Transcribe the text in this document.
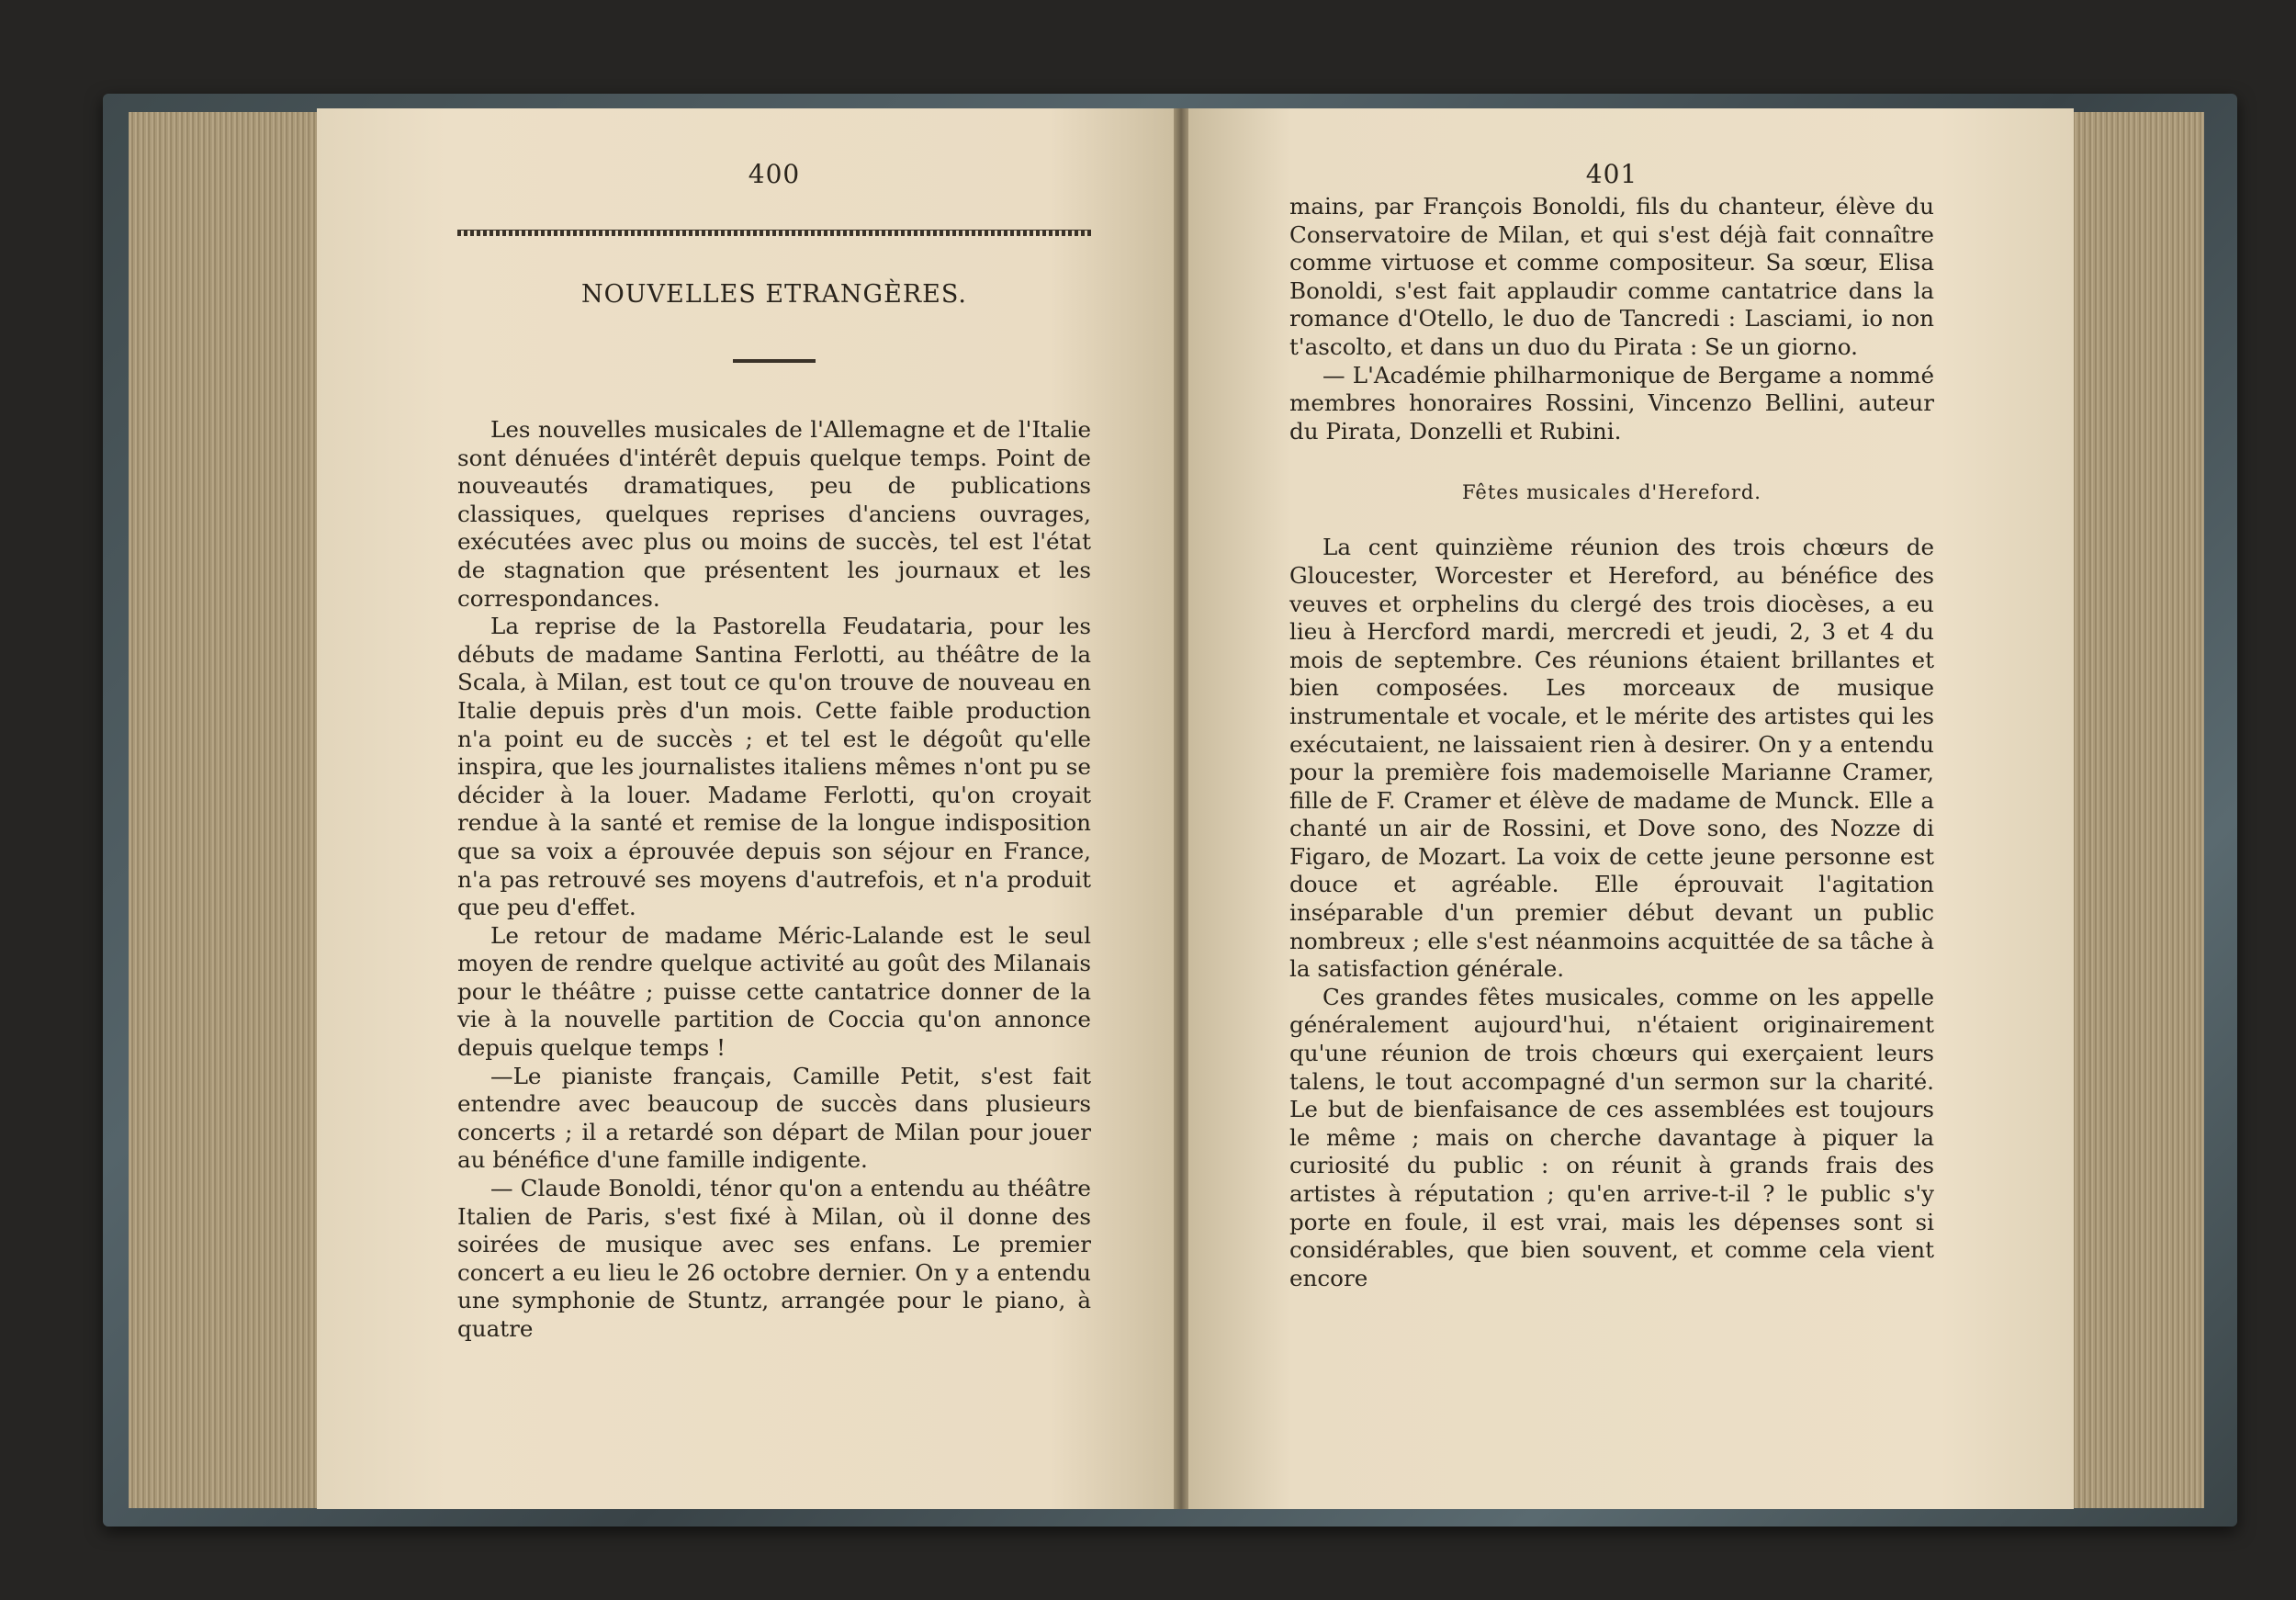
400

NOUVELLES ETRANGÈRES.

Les nouvelles musicales de l'Allemagne et de l'Italie sont dénuées d'intérêt depuis quelque temps. Point de nouveautés dramatiques, peu de publications classiques, quelques reprises d'anciens ouvrages, exécutées avec plus ou moins de succès, tel est l'état de stagnation que présentent les journaux et les correspondances.

La reprise de la Pastorella Feudataria, pour les débuts de madame Santina Ferlotti, au théâtre de la Scala, à Milan, est tout ce qu'on trouve de nouveau en Italie depuis près d'un mois. Cette faible production n'a point eu de succès ; et tel est le dégoût qu'elle inspira, que les journalistes italiens mêmes n'ont pu se décider à la louer. Madame Ferlotti, qu'on croyait rendue à la santé et remise de la longue indisposition que sa voix a éprouvée depuis son séjour en France, n'a pas retrouvé ses moyens d'autrefois, et n'a produit que peu d'effet.

Le retour de madame Méric-Lalande est le seul moyen de rendre quelque activité au goût des Milanais pour le théâtre ; puisse cette cantatrice donner de la vie à la nouvelle partition de Coccia qu'on annonce depuis quelque temps !

—Le pianiste français, Camille Petit, s'est fait entendre avec beaucoup de succès dans plusieurs concerts ; il a retardé son départ de Milan pour jouer au bénéfice d'une famille indigente.

— Claude Bonoldi, ténor qu'on a entendu au théâtre Italien de Paris, s'est fixé à Milan, où il donne des soirées de musique avec ses enfans. Le premier concert a eu lieu le 26 octobre dernier. On y a entendu une symphonie de Stuntz, arrangée pour le piano, à quatre

401

mains, par François Bonoldi, fils du chanteur, élève du Conservatoire de Milan, et qui s'est déjà fait connaître comme virtuose et comme compositeur. Sa sœur, Elisa Bonoldi, s'est fait applaudir comme cantatrice dans la romance d'Otello, le duo de Tancredi : Lasciami, io non t'ascolto, et dans un duo du Pirata : Se un giorno.

— L'Académie philharmonique de Bergame a nommé membres honoraires Rossini, Vincenzo Bellini, auteur du Pirata, Donzelli et Rubini.

Fêtes musicales d'Hereford.

La cent quinzième réunion des trois chœurs de Gloucester, Worcester et Hereford, au bénéfice des veuves et orphelins du clergé des trois diocèses, a eu lieu à Hercford mardi, mercredi et jeudi, 2, 3 et 4 du mois de septembre. Ces réunions étaient brillantes et bien composées. Les morceaux de musique instrumentale et vocale, et le mérite des artistes qui les exécutaient, ne laissaient rien à desirer. On y a entendu pour la première fois mademoiselle Marianne Cramer, fille de F. Cramer et élève de madame de Munck. Elle a chanté un air de Rossini, et Dove sono, des Nozze di Figaro, de Mozart. La voix de cette jeune personne est douce et agréable. Elle éprouvait l'agitation inséparable d'un premier début devant un public nombreux ; elle s'est néanmoins acquittée de sa tâche à la satisfaction générale.

Ces grandes fêtes musicales, comme on les appelle généralement aujourd'hui, n'étaient originairement qu'une réunion de trois chœurs qui exerçaient leurs talens, le tout accompagné d'un sermon sur la charité. Le but de bienfaisance de ces assemblées est toujours le même ; mais on cherche davantage à piquer la curiosité du public : on réunit à grands frais des artistes à réputation ; qu'en arrive-t-il ? le public s'y porte en foule, il est vrai, mais les dépenses sont si considérables, que bien souvent, et comme cela vient encore
